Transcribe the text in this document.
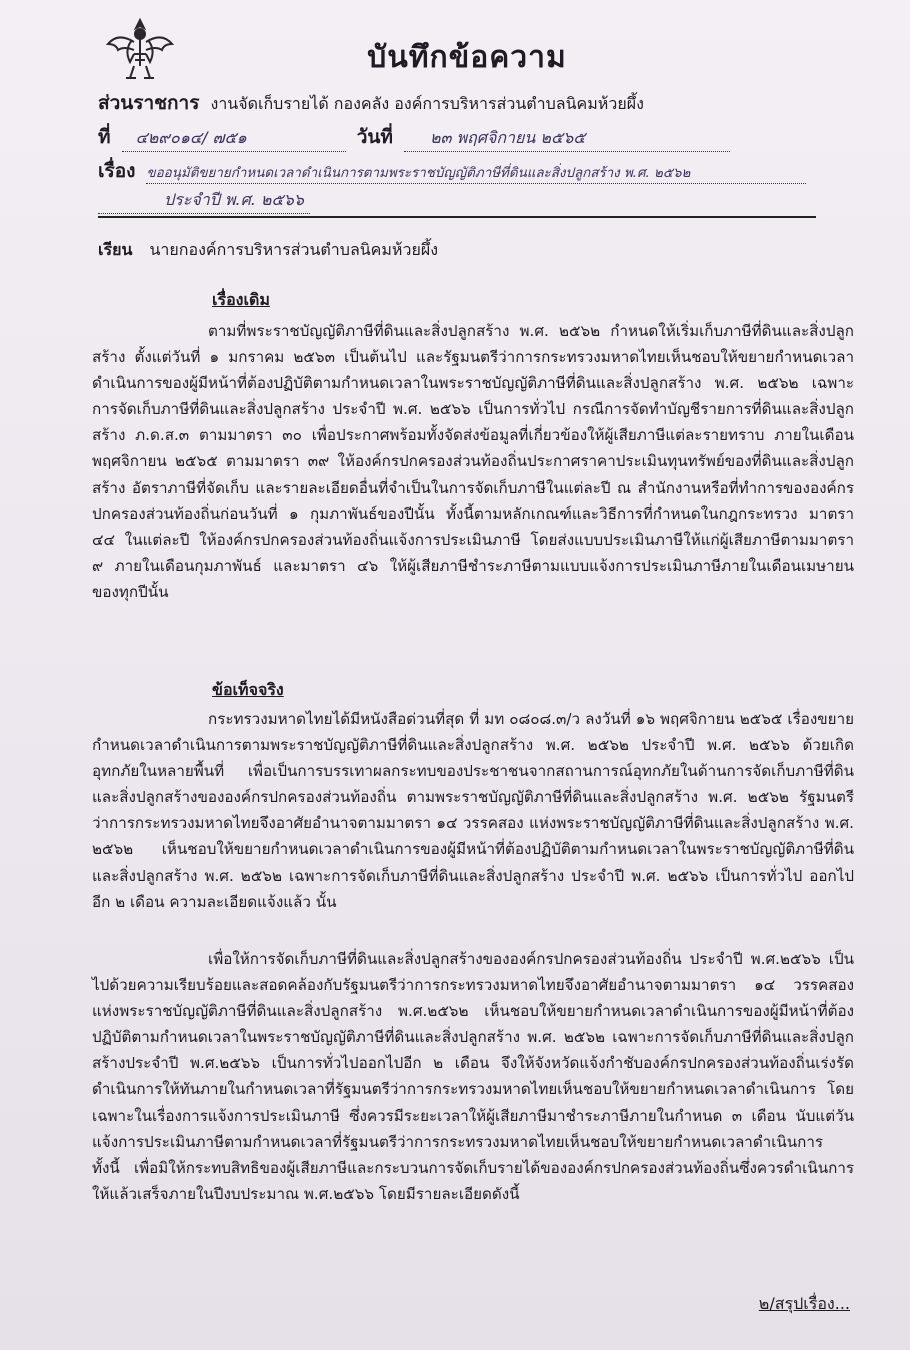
บันทึกข้อความ
ส่วนราชการ งานจัดเก็บรายได้ กองคลัง องค์การบริหารส่วนตำบลนิคมห้วยผึ้ง
ที่ ๔๒๙๐๑๔/ ๗๕๑	วันที่ ๒๓ พฤศจิกายน ๒๕๖๕
เรื่อง ขออนุมัติขยายกำหนดเวลาดำเนินการตามพระราชบัญญัติภาษีที่ดินและสิ่งปลูกสร้าง พ.ศ. ๒๕๖๒
ประจำปี พ.ศ. ๒๕๖๖
เรียน นายกองค์การบริหารส่วนตำบลนิคมห้วยผึ้ง
เรื่องเดิม
ตามที่พระราชบัญญัติภาษีที่ดินและสิ่งปลูกสร้าง พ.ศ. ๒๕๖๒ กำหนดให้เริ่มเก็บภาษีที่ดินและสิ่งปลูกสร้าง ตั้งแต่วันที่ ๑ มกราคม ๒๕๖๓ เป็นต้นไป และรัฐมนตรีว่าการกระทรวงมหาดไทยเห็นชอบให้ขยายกำหนดเวลาดำเนินการของผู้มีหน้าที่ต้องปฏิบัติตามกำหนดเวลาในพระราชบัญญัติภาษีที่ดินและสิ่งปลูกสร้าง พ.ศ. ๒๕๖๒ เฉพาะการจัดเก็บภาษีที่ดินและสิ่งปลูกสร้าง ประจำปี พ.ศ. ๒๕๖๖ เป็นการทั่วไป กรณีการจัดทำบัญชีรายการที่ดินและสิ่งปลูกสร้าง ภ.ด.ส.๓ ตามมาตรา ๓๐ เพื่อประกาศพร้อมทั้งจัดส่งข้อมูลที่เกี่ยวข้องให้ผู้เสียภาษีแต่ละรายทราบ ภายในเดือน พฤศจิกายน ๒๕๖๕ ตามมาตรา ๓๙ ให้องค์กรปกครองส่วนท้องถิ่นประกาศราคาประเมินทุนทรัพย์ของที่ดินและสิ่งปลูกสร้าง อัตราภาษีที่จัดเก็บ และรายละเอียดอื่นที่จำเป็นในการจัดเก็บภาษีในแต่ละปี ณ สำนักงานหรือที่ทำการขององค์กรปกครองส่วนท้องถิ่นก่อนวันที่ ๑ กุมภาพันธ์ของปีนั้น ทั้งนี้ตามหลักเกณฑ์และวิธีการที่กำหนดในกฎกระทรวง มาตรา ๔๔ ในแต่ละปี ให้องค์กรปกครองส่วนท้องถิ่นแจ้งการประเมินภาษี โดยส่งแบบประเมินภาษีให้แก่ผู้เสียภาษีตามมาตรา ๙ ภายในเดือนกุมภาพันธ์ และมาตรา ๔๖ ให้ผู้เสียภาษีชำระภาษีตามแบบแจ้งการประเมินภาษีภายในเดือนเมษายนของทุกปีนั้น
ข้อเท็จจริง
กระทรวงมหาดไทยได้มีหนังสือด่วนที่สุด ที่ มท ๐๘๐๘.๓/ว ลงวันที่ ๑๖ พฤศจิกายน ๒๕๖๕ เรื่องขยายกำหนดเวลาดำเนินการตามพระราชบัญญัติภาษีที่ดินและสิ่งปลูกสร้าง พ.ศ. ๒๕๖๒ ประจำปี พ.ศ. ๒๕๖๖ ด้วยเกิดอุทกภัยในหลายพื้นที่ เพื่อเป็นการบรรเทาผลกระทบของประชาชนจากสถานการณ์อุทกภัยในด้านการจัดเก็บภาษีที่ดินและสิ่งปลูกสร้างขององค์กรปกครองส่วนท้องถิ่น ตามพระราชบัญญัติภาษีที่ดินและสิ่งปลูกสร้าง พ.ศ. ๒๕๖๒ รัฐมนตรีว่าการกระทรวงมหาดไทยจึงอาศัยอำนาจตามมาตรา ๑๔ วรรคสอง แห่งพระราชบัญญัติภาษีที่ดินและสิ่งปลูกสร้าง พ.ศ. ๒๕๖๒ เห็นชอบให้ขยายกำหนดเวลาดำเนินการของผู้มีหน้าที่ต้องปฏิบัติตามกำหนดเวลาในพระราชบัญญัติภาษีที่ดินและสิ่งปลูกสร้าง พ.ศ. ๒๕๖๒ เฉพาะการจัดเก็บภาษีที่ดินและสิ่งปลูกสร้าง ประจำปี พ.ศ. ๒๕๖๖ เป็นการทั่วไป ออกไปอีก ๒ เดือน ความละเอียดแจ้งแล้ว นั้น
เพื่อให้การจัดเก็บภาษีที่ดินและสิ่งปลูกสร้างขององค์กรปกครองส่วนท้องถิ่น ประจำปี พ.ศ.๒๕๖๖ เป็นไปด้วยความเรียบร้อยและสอดคล้องกับรัฐมนตรีว่าการกระทรวงมหาดไทยจึงอาศัยอำนาจตามมาตรา ๑๔ วรรคสอง แห่งพระราชบัญญัติภาษีที่ดินและสิ่งปลูกสร้าง พ.ศ.๒๕๖๒ เห็นชอบให้ขยายกำหนดเวลาดำเนินการของผู้มีหน้าที่ต้องปฏิบัติตามกำหนดเวลาในพระราชบัญญัติภาษีที่ดินและสิ่งปลูกสร้าง พ.ศ. ๒๕๖๒ เฉพาะการจัดเก็บภาษีที่ดินและสิ่งปลูกสร้างประจำปี พ.ศ.๒๕๖๖ เป็นการทั่วไปออกไปอีก ๒ เดือน จึงให้จังหวัดแจ้งกำชับองค์กรปกครองส่วนท้องถิ่นเร่งรัดดำเนินการให้ทันภายในกำหนดเวลาที่รัฐมนตรีว่าการกระทรวงมหาดไทยเห็นชอบให้ขยายกำหนดเวลาดำเนินการ โดยเฉพาะในเรื่องการแจ้งการประเมินภาษี ซึ่งควรมีระยะเวลาให้ผู้เสียภาษีมาชำระภาษีภายในกำหนด ๓ เดือน นับแต่วันแจ้งการประเมินภาษีตามกำหนดเวลาที่รัฐมนตรีว่าการกระทรวงมหาดไทยเห็นชอบให้ขยายกำหนดเวลาดำเนินการ ทั้งนี้ เพื่อมิให้กระทบสิทธิของผู้เสียภาษีและกระบวนการจัดเก็บรายได้ขององค์กรปกครองส่วนท้องถิ่นซึ่งควรดำเนินการให้แล้วเสร็จภายในปีงบประมาณ พ.ศ.๒๕๖๖ โดยมีรายละเอียดดังนี้
๒/สรุปเรื่อง...
